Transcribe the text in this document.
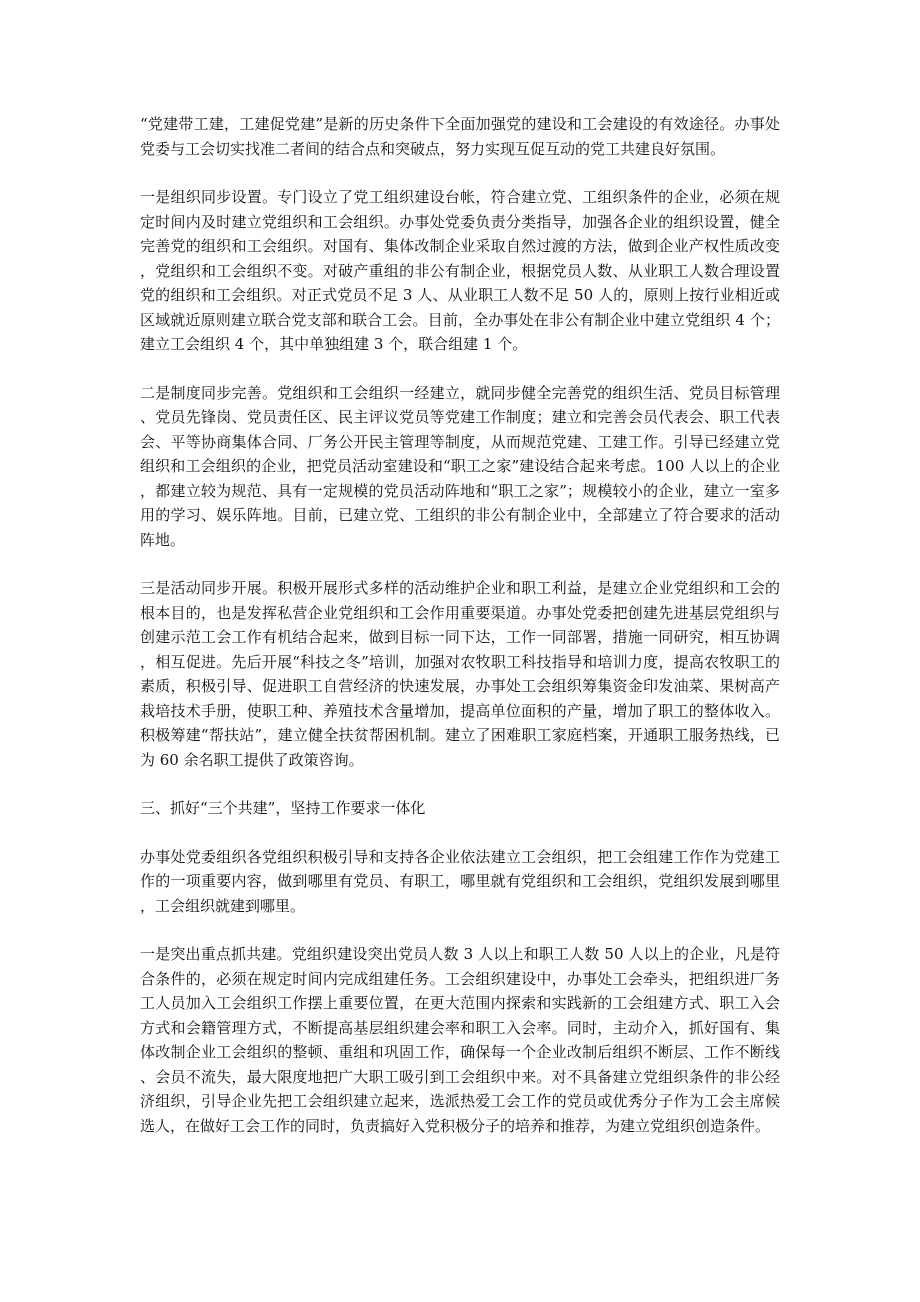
“党建带工建，工建促党建”是新的历史条件下全面加强党的建设和工会建设的有效途径。办事处党委与工会切实找准二者间的结合点和突破点，努力实现互促互动的党工共建良好氛围。

一是组织同步设置。专门设立了党工组织建设台帐，符合建立党、工组织条件的企业，必须在规定时间内及时建立党组织和工会组织。办事处党委负责分类指导，加强各企业的组织设置，健全完善党的组织和工会组织。对国有、集体改制企业采取自然过渡的方法，做到企业产权性质改变，党组织和工会组织不变。对破产重组的非公有制企业，根据党员人数、从业职工人数合理设置党的组织和工会组织。对正式党员不足 3 人、从业职工人数不足 50 人的，原则上按行业相近或区域就近原则建立联合党支部和联合工会。目前，全办事处在非公有制企业中建立党组织 4 个；建立工会组织 4 个，其中单独组建 3 个，联合组建 1 个。

二是制度同步完善。党组织和工会组织一经建立，就同步健全完善党的组织生活、党员目标管理、党员先锋岗、党员责任区、民主评议党员等党建工作制度；建立和完善会员代表会、职工代表会、平等协商集体合同、厂务公开民主管理等制度，从而规范党建、工建工作。引导已经建立党组织和工会组织的企业，把党员活动室建设和“职工之家”建设结合起来考虑。100 人以上的企业，都建立较为规范、具有一定规模的党员活动阵地和“职工之家”；规模较小的企业，建立一室多用的学习、娱乐阵地。目前，已建立党、工组织的非公有制企业中，全部建立了符合要求的活动阵地。

三是活动同步开展。积极开展形式多样的活动维护企业和职工利益，是建立企业党组织和工会的根本目的，也是发挥私营企业党组织和工会作用重要渠道。办事处党委把创建先进基层党组织与创建示范工会工作有机结合起来，做到目标一同下达，工作一同部署，措施一同研究，相互协调，相互促进。先后开展“科技之冬”培训，加强对农牧职工科技指导和培训力度，提高农牧职工的素质，积极引导、促进职工自营经济的快速发展，办事处工会组织筹集资金印发油菜、果树高产栽培技术手册，使职工种、养殖技术含量增加，提高单位面积的产量，增加了职工的整体收入。积极筹建“帮扶站”，建立健全扶贫帮困机制。建立了困难职工家庭档案，开通职工服务热线，已为 60 余名职工提供了政策咨询。

三、抓好“三个共建”，坚持工作要求一体化

办事处党委组织各党组织积极引导和支持各企业依法建立工会组织，把工会组建工作作为党建工作的一项重要内容，做到哪里有党员、有职工，哪里就有党组织和工会组织，党组织发展到哪里，工会组织就建到哪里。

一是突出重点抓共建。党组织建设突出党员人数 3 人以上和职工人数 50 人以上的企业，凡是符合条件的，必须在规定时间内完成组建任务。工会组织建设中，办事处工会牵头，把组织进厂务工人员加入工会组织工作摆上重要位置，在更大范围内探索和实践新的工会组建方式、职工入会方式和会籍管理方式，不断提高基层组织建会率和职工入会率。同时，主动介入，抓好国有、集体改制企业工会组织的整顿、重组和巩固工作，确保每一个企业改制后组织不断层、工作不断线、会员不流失，最大限度地把广大职工吸引到工会组织中来。对不具备建立党组织条件的非公经济组织，引导企业先把工会组织建立起来，选派热爱工会工作的党员或优秀分子作为工会主席候选人，在做好工会工作的同时，负责搞好入党积极分子的培养和推荐，为建立党组织创造条件。
